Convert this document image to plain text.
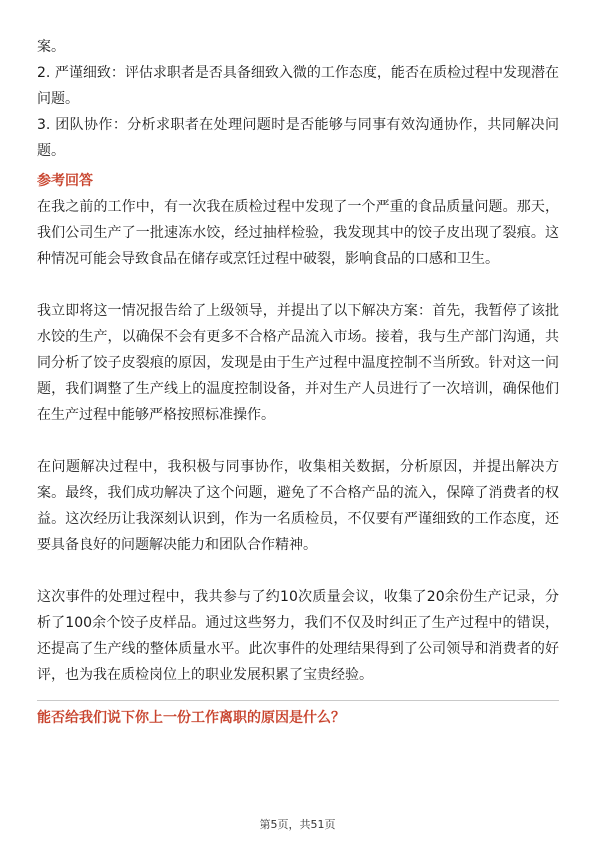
案。

2. 严谨细致：评估求职者是否具备细致入微的工作态度，能否在质检过程中发现潜在问题。

3. 团队协作：分析求职者在处理问题时是否能够与同事有效沟通协作，共同解决问题。

参考回答

在我之前的工作中，有一次我在质检过程中发现了一个严重的食品质量问题。那天，我们公司生产了一批速冻水饺，经过抽样检验，我发现其中的饺子皮出现了裂痕。这种情况可能会导致食品在储存或烹饪过程中破裂，影响食品的口感和卫生。

我立即将这一情况报告给了上级领导，并提出了以下解决方案：首先，我暂停了该批水饺的生产，以确保不会有更多不合格产品流入市场。接着，我与生产部门沟通，共同分析了饺子皮裂痕的原因，发现是由于生产过程中温度控制不当所致。针对这一问题，我们调整了生产线上的温度控制设备，并对生产人员进行了一次培训，确保他们在生产过程中能够严格按照标准操作。

在问题解决过程中，我积极与同事协作，收集相关数据，分析原因，并提出解决方案。最终，我们成功解决了这个问题，避免了不合格产品的流入，保障了消费者的权益。这次经历让我深刻认识到，作为一名质检员，不仅要有严谨细致的工作态度，还要具备良好的问题解决能力和团队合作精神。

这次事件的处理过程中，我共参与了约10次质量会议，收集了20余份生产记录，分析了100余个饺子皮样品。通过这些努力，我们不仅及时纠正了生产过程中的错误，还提高了生产线的整体质量水平。此次事件的处理结果得到了公司领导和消费者的好评，也为我在质检岗位上的职业发展积累了宝贵经验。

能否给我们说下你上一份工作离职的原因是什么？

第5页，共51页
